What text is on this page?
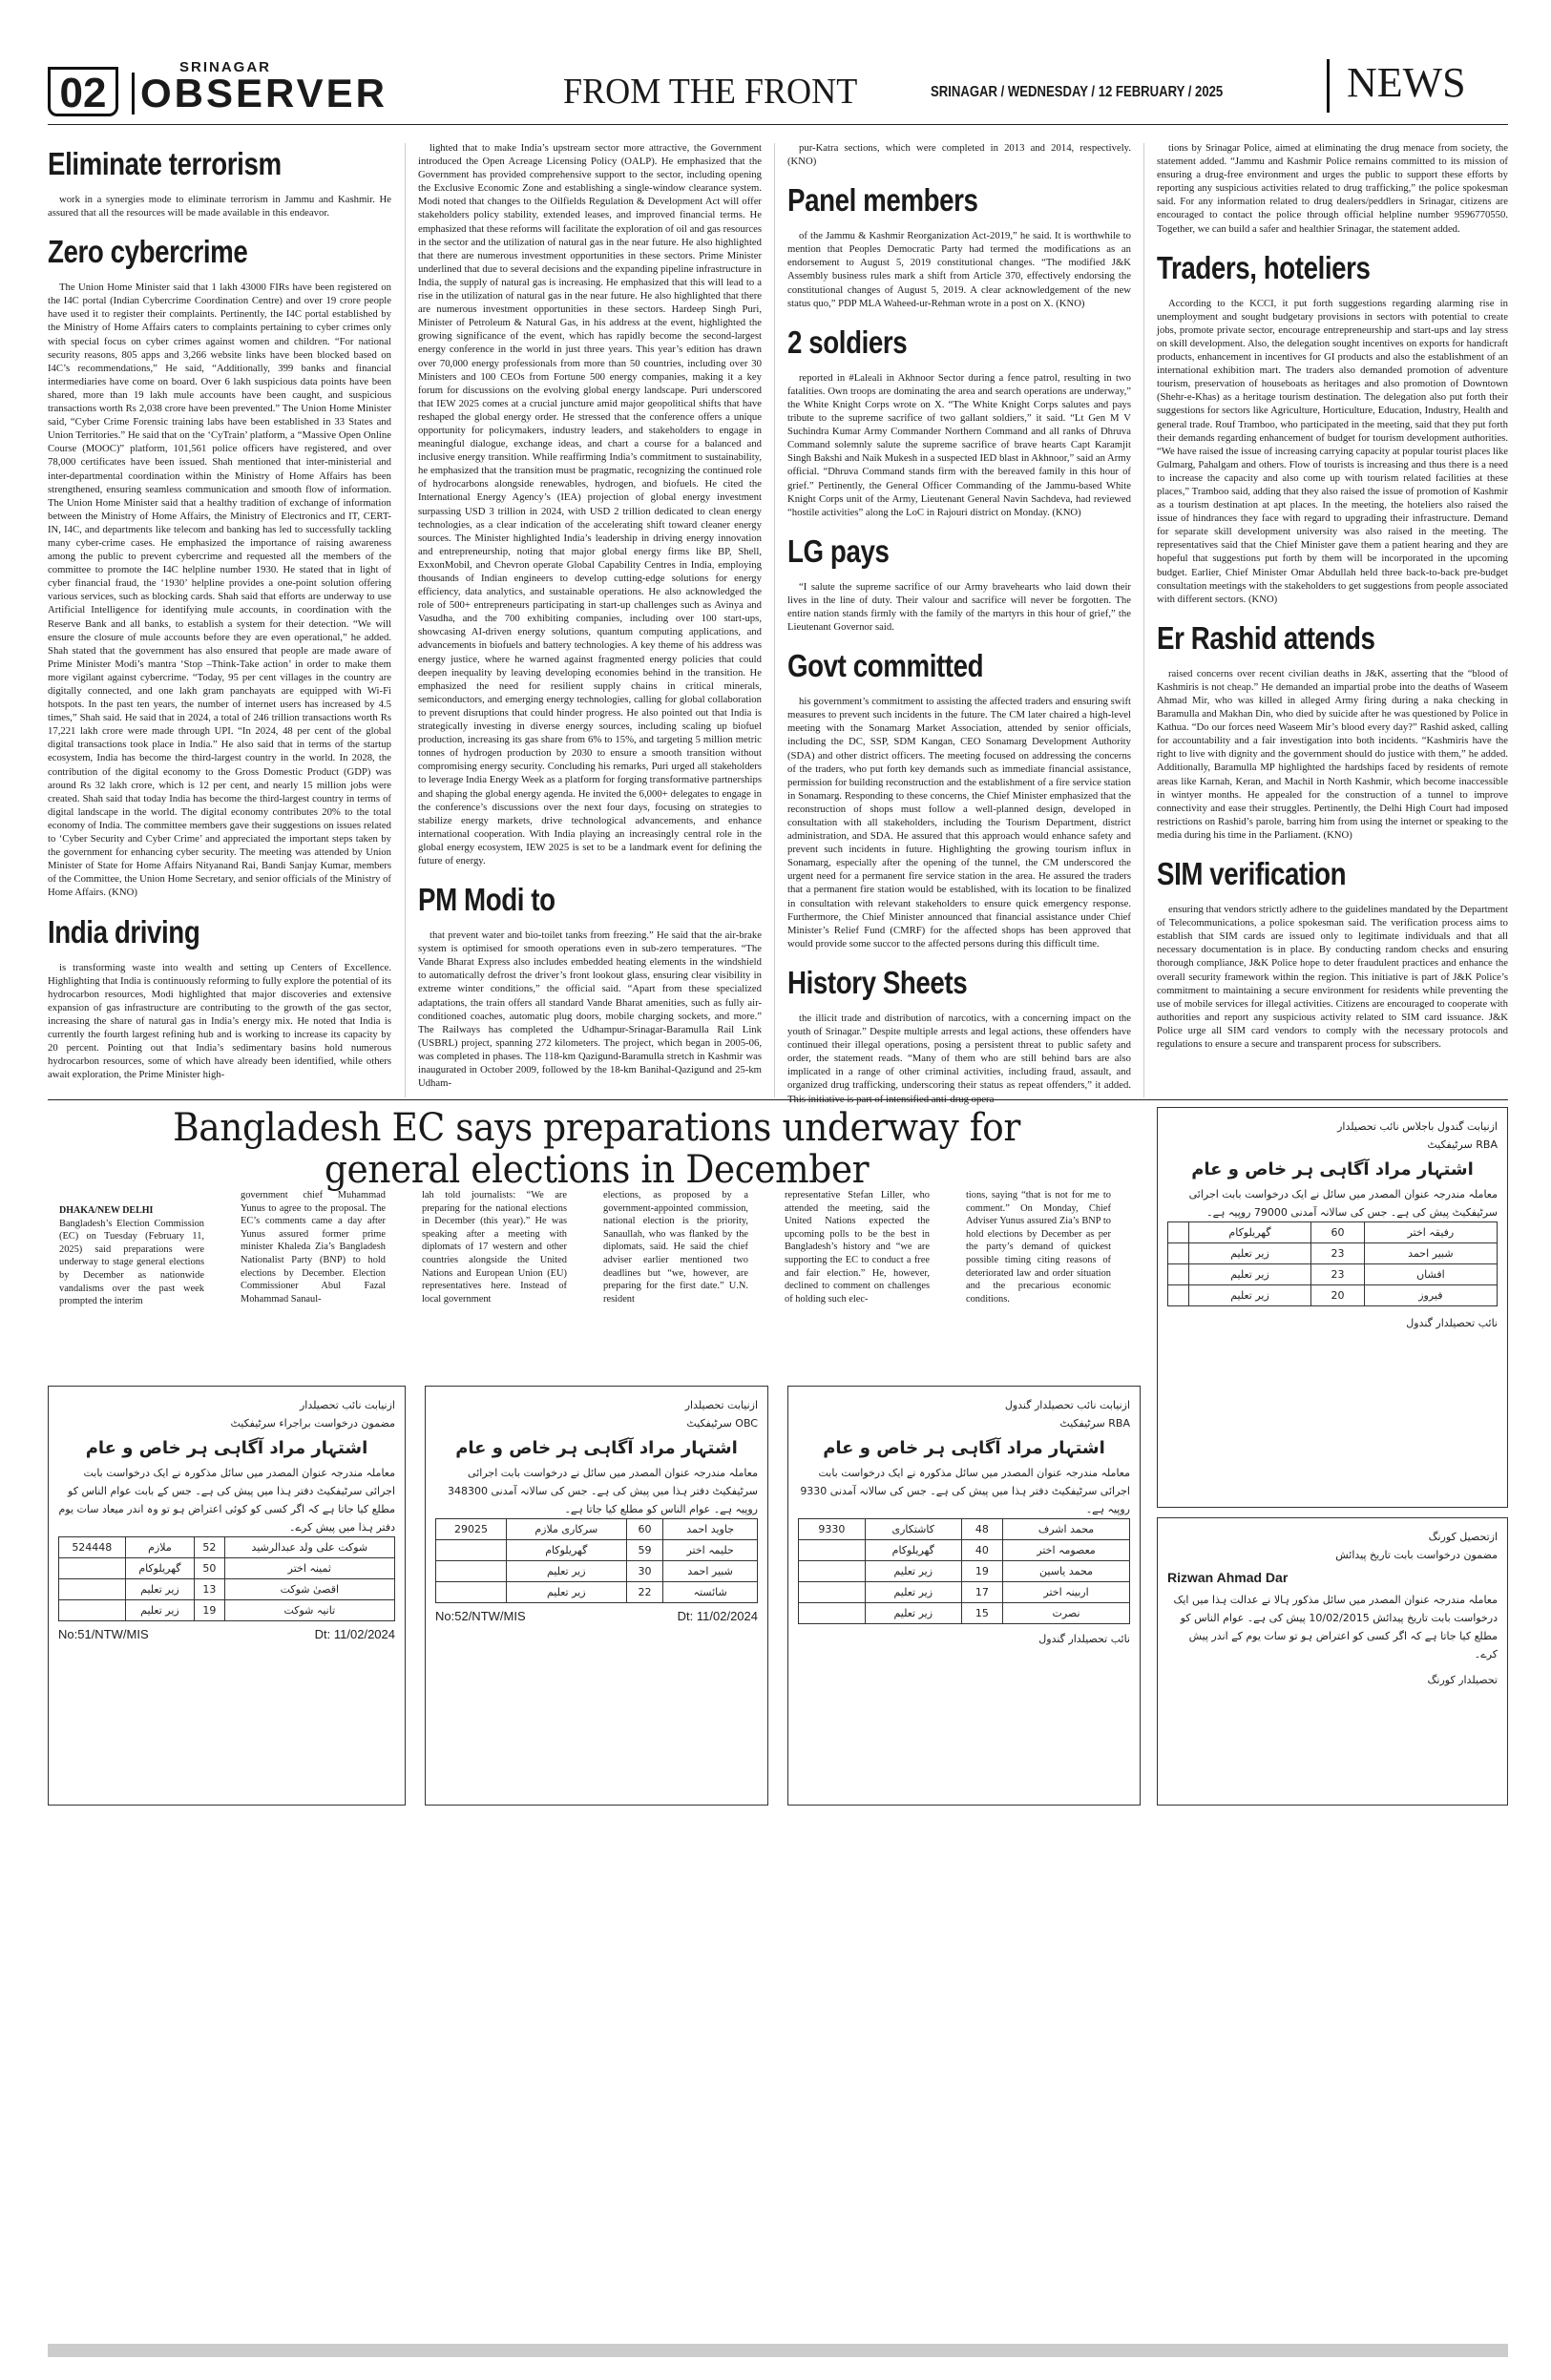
02
SRINAGAR
OBSERVER	FROM THE FRONT	SRINAGAR / WEDNESDAY / 12 FEBRUARY / 2025	NEWS
Eliminate terrorism

work in a synergies mode to eliminate terrorism in Jammu and Kashmir. He assured that all the resources will be made available in this endeavor.

Zero cybercrime

The Union Home Minister said that 1 lakh 43000 FIRs have been registered on the I4C portal (Indian Cybercrime Coordination Centre) and over 19 crore people have used it to register their complaints. Pertinently, the I4C portal established by the Ministry of Home Affairs caters to complaints pertaining to cyber crimes only with special focus on cyber crimes against women and children. “For national security reasons, 805 apps and 3,266 website links have been blocked based on I4C’s recommendations,” He said, “Additionally, 399 banks and financial intermediaries have come on board. Over 6 lakh suspicious data points have been shared, more than 19 lakh mule accounts have been caught, and suspicious transactions worth Rs 2,038 crore have been prevented.” The Union Home Minister said, “Cyber Crime Forensic training labs have been established in 33 States and Union Territories.” He said that on the ‘CyTrain’ platform, a “Massive Open Online Course (MOOC)” platform, 101,561 police officers have registered, and over 78,000 certificates have been issued. Shah mentioned that inter-ministerial and inter-departmental coordination within the Ministry of Home Affairs has been strengthened, ensuring seamless communication and smooth flow of information. The Union Home Minister said that a healthy tradition of exchange of information between the Ministry of Home Affairs, the Ministry of Electronics and IT, CERT-IN, I4C, and departments like telecom and banking has led to successfully tackling many cyber-crime cases. He emphasized the importance of raising awareness among the public to prevent cybercrime and requested all the members of the committee to promote the I4C helpline number 1930. He stated that in light of cyber financial fraud, the ‘1930’ helpline provides a one-point solution offering various services, such as blocking cards. Shah said that efforts are underway to use Artificial Intelligence for identifying mule accounts, in coordination with the Reserve Bank and all banks, to establish a system for their detection. “We will ensure the closure of mule accounts before they are even operational,” he added. Shah stated that the government has also ensured that people are made aware of Prime Minister Modi’s mantra ‘Stop –Think-Take action’ in order to make them more vigilant against cybercrime. “Today, 95 per cent villages in the country are digitally connected, and one lakh gram panchayats are equipped with Wi-Fi hotspots. In the past ten years, the number of internet users has increased by 4.5 times,” Shah said. He said that in 2024, a total of 246 trillion transactions worth Rs 17,221 lakh crore were made through UPI. “In 2024, 48 per cent of the global digital transactions took place in India.” He also said that in terms of the startup ecosystem, India has become the third-largest country in the world. In 2028, the contribution of the digital economy to the Gross Domestic Product (GDP) was around Rs 32 lakh crore, which is 12 per cent, and nearly 15 million jobs were created. Shah said that today India has become the third-largest country in terms of digital landscape in the world. The digital economy contributes 20% to the total economy of India. The committee members gave their suggestions on issues related to ‘Cyber Security and Cyber Crime’ and appreciated the important steps taken by the government for enhancing cyber security. The meeting was attended by Union Minister of State for Home Affairs Nityanand Rai, Bandi Sanjay Kumar, members of the Committee, the Union Home Secretary, and senior officials of the Ministry of Home Affairs. (KNO)

India driving

is transforming waste into wealth and setting up Centers of Excellence. Highlighting that India is continuously reforming to fully explore the potential of its hydrocarbon resources, Modi highlighted that major discoveries and extensive expansion of gas infrastructure are contributing to the growth of the gas sector, increasing the share of natural gas in India’s energy mix. He noted that India is currently the fourth largest refining hub and is working to increase its capacity by 20 percent. Pointing out that India’s sedimentary basins hold numerous hydrocarbon resources, some of which have already been identified, while others await exploration, the Prime Minister high-

lighted that to make India’s upstream sector more attractive, the Government introduced the Open Acreage Licensing Policy (OALP). He emphasized that the Government has provided comprehensive support to the sector, including opening the Exclusive Economic Zone and establishing a single-window clearance system. Modi noted that changes to the Oilfields Regulation & Development Act will offer stakeholders policy stability, extended leases, and improved financial terms. He emphasized that these reforms will facilitate the exploration of oil and gas resources in the sector and the utilization of natural gas in the near future. He also highlighted that there are numerous investment opportunities in these sectors. Prime Minister underlined that due to several decisions and the expanding pipeline infrastructure in India, the supply of natural gas is increasing. He emphasized that this will lead to a rise in the utilization of natural gas in the near future. He also highlighted that there are numerous investment opportunities in these sectors. Hardeep Singh Puri, Minister of Petroleum & Natural Gas, in his address at the event, highlighted the growing significance of the event, which has rapidly become the second-largest energy conference in the world in just three years. This year’s edition has drawn over 70,000 energy professionals from more than 50 countries, including over 30 Ministers and 100 CEOs from Fortune 500 energy companies, making it a key forum for discussions on the evolving global energy landscape. Puri underscored that IEW 2025 comes at a crucial juncture amid major geopolitical shifts that have reshaped the global energy order. He stressed that the conference offers a unique opportunity for policymakers, industry leaders, and stakeholders to engage in meaningful dialogue, exchange ideas, and chart a course for a balanced and inclusive energy transition. While reaffirming India’s commitment to sustainability, he emphasized that the transition must be pragmatic, recognizing the continued role of hydrocarbons alongside renewables, hydrogen, and biofuels. He cited the International Energy Agency’s (IEA) projection of global energy investment surpassing USD 3 trillion in 2024, with USD 2 trillion dedicated to clean energy technologies, as a clear indication of the accelerating shift toward cleaner energy sources. The Minister highlighted India’s leadership in driving energy innovation and entrepreneurship, noting that major global energy firms like BP, Shell, ExxonMobil, and Chevron operate Global Capability Centres in India, employing thousands of Indian engineers to develop cutting-edge solutions for energy efficiency, data analytics, and sustainable operations. He also acknowledged the role of 500+ entrepreneurs participating in start-up challenges such as Avinya and Vasudha, and the 700 exhibiting companies, including over 100 start-ups, showcasing AI-driven energy solutions, quantum computing applications, and advancements in biofuels and battery technologies. A key theme of his address was energy justice, where he warned against fragmented energy policies that could deepen inequality by leaving developing economies behind in the transition. He emphasized the need for resilient supply chains in critical minerals, semiconductors, and emerging energy technologies, calling for global collaboration to prevent disruptions that could hinder progress. He also pointed out that India is strategically investing in diverse energy sources, including scaling up biofuel production, increasing its gas share from 6% to 15%, and targeting 5 million metric tonnes of hydrogen production by 2030 to ensure a smooth transition without compromising energy security. Concluding his remarks, Puri urged all stakeholders to leverage India Energy Week as a platform for forging transformative partnerships and shaping the global energy agenda. He invited the 6,000+ delegates to engage in the conference’s discussions over the next four days, focusing on strategies to stabilize energy markets, drive technological advancements, and enhance international cooperation. With India playing an increasingly central role in the global energy ecosystem, IEW 2025 is set to be a landmark event for defining the future of energy.

PM Modi to

that prevent water and bio-toilet tanks from freezing.” He said that the air-brake system is optimised for smooth operations even in sub-zero temperatures. “The Vande Bharat Express also includes embedded heating elements in the windshield to automatically defrost the driver’s front lookout glass, ensuring clear visibility in extreme winter conditions,” the official said. “Apart from these specialized adaptations, the train offers all standard Vande Bharat amenities, such as fully air-conditioned coaches, automatic plug doors, mobile charging sockets, and more.” The Railways has completed the Udhampur-Srinagar-Baramulla Rail Link (USBRL) project, spanning 272 kilometers. The project, which began in 2005-06, was completed in phases. The 118-km Qazigund-Baramulla stretch in Kashmir was inaugurated in October 2009, followed by the 18-km Banihal-Qazigund and 25-km Udham-

pur-Katra sections, which were completed in 2013 and 2014, respectively. (KNO)

Panel members

of the Jammu & Kashmir Reorganization Act-2019,” he said. It is worthwhile to mention that Peoples Democratic Party had termed the modifications as an endorsement to August 5, 2019 constitutional changes. “The modified J&K Assembly business rules mark a shift from Article 370, effectively endorsing the constitutional changes of August 5, 2019. A clear acknowledgement of the new status quo,” PDP MLA Waheed-ur-Rehman wrote in a post on X. (KNO)

2 soldiers

reported in #Laleali in Akhnoor Sector during a fence patrol, resulting in two fatalities. Own troops are dominating the area and search operations are underway,” the White Knight Corps wrote on X. “The White Knight Corps salutes and pays tribute to the supreme sacrifice of two gallant soldiers,” it said. “Lt Gen M V Suchindra Kumar Army Commander Northern Command and all ranks of Dhruva Command solemnly salute the supreme sacrifice of brave hearts Capt Karamjit Singh Bakshi and Naik Mukesh in a suspected IED blast in Akhnoor,” said an Army official. “Dhruva Command stands firm with the bereaved family in this hour of grief.” Pertinently, the General Officer Commanding of the Jammu-based White Knight Corps unit of the Army, Lieutenant General Navin Sachdeva, had reviewed “hostile activities” along the LoC in Rajouri district on Monday. (KNO)

LG pays

“I salute the supreme sacrifice of our Army bravehearts who laid down their lives in the line of duty. Their valour and sacrifice will never be forgotten. The entire nation stands firmly with the family of the martyrs in this hour of grief,” the Lieutenant Governor said.

Govt committed

his government’s commitment to assisting the affected traders and ensuring swift measures to prevent such incidents in the future. The CM later chaired a high-level meeting with the Sonamarg Market Association, attended by senior officials, including the DC, SSP, SDM Kangan, CEO Sonamarg Development Authority (SDA) and other district officers. The meeting focused on addressing the concerns of the traders, who put forth key demands such as immediate financial assistance, permission for building reconstruction and the establishment of a fire service station in Sonamarg. Responding to these concerns, the Chief Minister emphasized that the reconstruction of shops must follow a well-planned design, developed in consultation with all stakeholders, including the Tourism Department, district administration, and SDA. He assured that this approach would enhance safety and prevent such incidents in future. Highlighting the growing tourism influx in Sonamarg, especially after the opening of the tunnel, the CM underscored the urgent need for a permanent fire service station in the area. He assured the traders that a permanent fire station would be established, with its location to be finalized in consultation with relevant stakeholders to ensure quick emergency response. Furthermore, the Chief Minister announced that financial assistance under Chief Minister’s Relief Fund (CMRF) for the affected shops has been approved that would provide some succor to the affected persons during this difficult time.

History Sheets

the illicit trade and distribution of narcotics, with a concerning impact on the youth of Srinagar.” Despite multiple arrests and legal actions, these offenders have continued their illegal operations, posing a persistent threat to public safety and order, the statement reads. “Many of them who are still behind bars are also implicated in a range of other criminal activities, including fraud, assault, and organized drug trafficking, underscoring their status as repeat offenders,” it added. This initiative is part of intensified anti-drug opera-

tions by Srinagar Police, aimed at eliminating the drug menace from society, the statement added. “Jammu and Kashmir Police remains committed to its mission of ensuring a drug-free environment and urges the public to support these efforts by reporting any suspicious activities related to drug trafficking,” the police spokesman said. For any information related to drug dealers/peddlers in Srinagar, citizens are encouraged to contact the police through official helpline number 9596770550. Together, we can build a safer and healthier Srinagar, the statement added.

Traders, hoteliers

According to the KCCI, it put forth suggestions regarding alarming rise in unemployment and sought budgetary provisions in sectors with potential to create jobs, promote private sector, encourage entrepreneurship and start-ups and lay stress on skill development. Also, the delegation sought incentives on exports for handicraft products, enhancement in incentives for GI products and also the establishment of an international exhibition mart. The traders also demanded promotion of adventure tourism, preservation of houseboats as heritages and also promotion of Downtown (Shehr-e-Khas) as a heritage tourism destination. The delegation also put forth their suggestions for sectors like Agriculture, Horticulture, Education, Industry, Health and general trade. Rouf Tramboo, who participated in the meeting, said that they put forth their demands regarding enhancement of budget for tourism development authorities. “We have raised the issue of increasing carrying capacity at popular tourist places like Gulmarg, Pahalgam and others. Flow of tourists is increasing and thus there is a need to increase the capacity and also come up with tourism related facilities at these places,” Tramboo said, adding that they also raised the issue of promotion of Kashmir as a tourism destination at apt places. In the meeting, the hoteliers also raised the issue of hindrances they face with regard to upgrading their infrastructure. Demand for separate skill development university was also raised in the meeting. The representatives said that the Chief Minister gave them a patient hearing and they are hopeful that suggestions put forth by them will be incorporated in the upcoming budget. Earlier, Chief Minister Omar Abdullah held three back-to-back pre-budget consultation meetings with the stakeholders to get suggestions from people associated with different sectors. (KNO)

Er Rashid attends

raised concerns over recent civilian deaths in J&K, asserting that the “blood of Kashmiris is not cheap.” He demanded an impartial probe into the deaths of Waseem Ahmad Mir, who was killed in alleged Army firing during a naka checking in Baramulla and Makhan Din, who died by suicide after he was questioned by Police in Kathua. “Do our forces need Waseem Mir’s blood every day?” Rashid asked, calling for accountability and a fair investigation into both incidents. “Kashmiris have the right to live with dignity and the government should do justice with them,” he added. Additionally, Baramulla MP highlighted the hardships faced by residents of remote areas like Karnah, Keran, and Machil in North Kashmir, which become inaccessible in wintyer months. He appealed for the construction of a tunnel to improve connectivity and ease their struggles. Pertinently, the Delhi High Court had imposed restrictions on Rashid’s parole, barring him from using the internet or speaking to the media during his time in the Parliament. (KNO)

SIM verification

ensuring that vendors strictly adhere to the guidelines mandated by the Department of Telecommunications, a police spokesman said. The verification process aims to establish that SIM cards are issued only to legitimate individuals and that all necessary documentation is in place. By conducting random checks and ensuring thorough compliance, J&K Police hope to deter fraudulent practices and enhance the overall security framework within the region. This initiative is part of J&K Police’s commitment to maintaining a secure environment for residents while preventing the use of mobile services for illegal activities. Citizens are encouraged to cooperate with authorities and report any suspicious activity related to SIM card issuance. J&K Police urge all SIM card vendors to comply with the necessary protocols and regulations to ensure a secure and transparent process for subscribers.

Bangladesh EC says preparations underway for
general elections in December
DHAKA/NEW DELHI
Bangladesh’s Election Commission (EC) on Tuesday (February 11, 2025) said preparations were underway to stage general elections by December as nationwide vandalisms over the past week prompted the interim
government chief Muhammad Yunus to agree to the proposal. The EC’s comments came a day after Yunus assured former prime minister Khaleda Zia’s Bangladesh Nationalist Party (BNP) to hold elections by December. Election Commissioner Abul Fazal Mohammad Sanaul-
lah told journalists: “We are preparing for the national elections in December (this year).” He was speaking after a meeting with diplomats of 17 western and other countries alongside the United Nations and European Union (EU) representatives here. Instead of local government
elections, as proposed by a government-appointed commission, national election is the priority, Sanaullah, who was flanked by the diplomats, said. He said the chief adviser earlier mentioned two deadlines but “we, however, are preparing for the first date.” U.N. resident
representative Stefan Liller, who attended the meeting, said the United Nations expected the upcoming polls to be the best in Bangladesh’s history and “we are supporting the EC to conduct a free and fair election.” He, however, declined to comment on challenges of holding such elec-
tions, saying “that is not for me to comment.” On Monday, Chief Adviser Yunus assured Zia’s BNP to hold elections by December as per the party’s demand of quickest possible timing citing reasons of deteriorated law and order situation and the precarious economic conditions.
ازنیابت گندول باجلاس نائب تحصیلدار
RBA سرٹیفکیٹ
اشتہار مراد آگاہی ہر خاص و عام
معاملہ مندرجہ عنوان المصدر میں سائل نے ایک درخواست بابت اجرائی سرٹیفکیٹ پیش کی ہے۔ جس کی سالانہ آمدنی 79000 روپیہ ہے۔
رفیقہ اختر	60	گھریلوکام	
شبیر احمد	23	زیر تعلیم	
افشاں	23	زیر تعلیم	
فیروز	20	زیر تعلیم	
نائب تحصیلدار گندول
ازنیابت نائب تحصیلدار
مضمون درخواست براجراء سرٹیفکیٹ
اشتہار مراد آگاہی ہر خاص و عام
معاملہ مندرجہ عنوان المصدر میں سائل مذکورہ نے ایک درخواست بابت اجرائی سرٹیفکیٹ دفتر ہذا میں پیش کی ہے۔ جس کے بابت عوام الناس کو مطلع کیا جاتا ہے کہ اگر کسی کو کوئی اعتراض ہو تو وہ اندر میعاد سات یوم دفتر ہذا میں پیش کرے۔
شوکت علی ولد عبدالرشید	52	ملازم	524448
ثمینہ اختر	50	گھریلوکام	
اقصیٰ شوکت	13	زیر تعلیم	
تانیہ شوکت	19	زیر تعلیم	
No:51/NTW/MIS	Dt: 11/02/2024
ازنیابت تحصیلدار
OBC سرٹیفکیٹ
اشتہار مراد آگاہی ہر خاص و عام
معاملہ مندرجہ عنوان المصدر میں سائل نے درخواست بابت اجرائی سرٹیفکیٹ دفتر ہذا میں پیش کی ہے۔ جس کی سالانہ آمدنی 348300 روپیہ ہے۔ عوام الناس کو مطلع کیا جاتا ہے۔
جاوید احمد	60	سرکاری ملازم	29025
حلیمہ اختر	59	گھریلوکام	
شبیر احمد	30	زیر تعلیم	
شائستہ	22	زیر تعلیم	
No:52/NTW/MIS	Dt: 11/02/2024
ازنیابت نائب تحصیلدار گندول
RBA سرٹیفکیٹ
اشتہار مراد آگاہی ہر خاص و عام
معاملہ مندرجہ عنوان المصدر میں سائل مذکورہ نے ایک درخواست بابت اجرائی سرٹیفکیٹ دفتر ہذا میں پیش کی ہے۔ جس کی سالانہ آمدنی 9330 روپیہ ہے۔
محمد اشرف	48	کاشتکاری	9330
معصومہ اختر	40	گھریلوکام	
محمد یاسین	19	زیر تعلیم	
اربینہ اختر	17	زیر تعلیم	
نصرت	15	زیر تعلیم	
نائب تحصیلدار گندول
ازتحصیل کورنگ
مضمون درخواست بابت تاریخ پیدائش
Rizwan Ahmad Dar
معاملہ مندرجہ عنوان المصدر میں سائل مذکور ہالا نے عدالت ہذا میں ایک درخواست بابت تاریخ پیدائش 10/02/2015 پیش کی ہے۔ عوام الناس کو مطلع کیا جاتا ہے کہ اگر کسی کو اعتراض ہو تو سات یوم کے اندر پیش کرے۔
تحصیلدار کورنگ
